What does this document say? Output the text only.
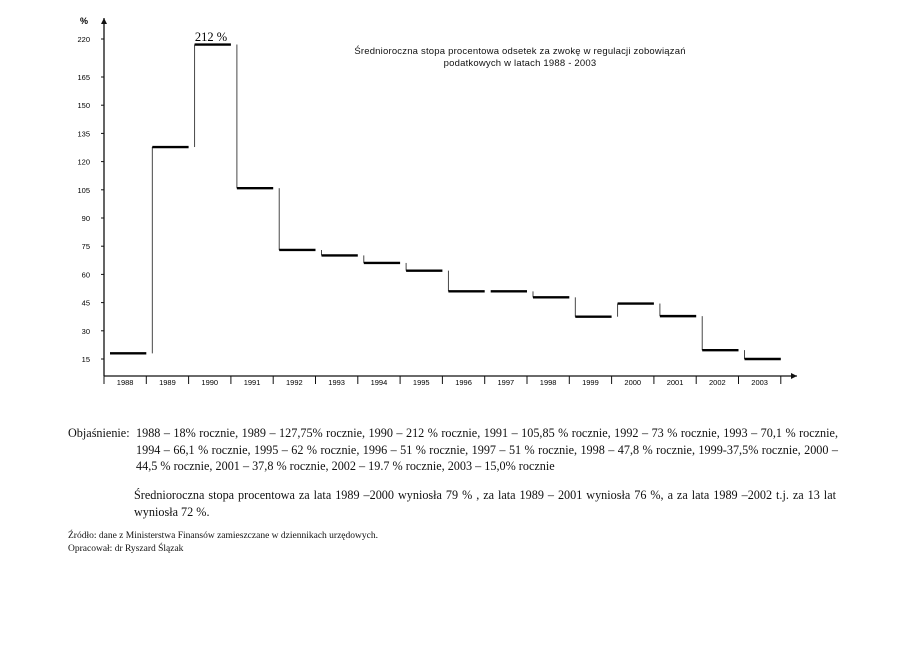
220
165
150
135
120
105
90
75
60
45
30
15
1988	1989	1990	1991	1992	1993	1994	1995	1996	1997	1998	1999	2000	2001	2002	2003
%
212 %
Średnioroczna stopa procentowa odsetek za zwokę w regulacji zobowiązań
podatkowych w latach 1988 - 2003
Objaśnienie: 1988 – 18% rocznie, 1989 – 127,75% rocznie, 1990 – 212 % rocznie, 1991 – 105,85 % rocznie, 1992 – 73 % rocznie, 1993 – 70,1 % rocznie, 1994 – 66,1 % rocznie, 1995 – 62 % rocznie, 1996 – 51 % rocznie, 1997 – 51 % rocznie, 1998 – 47,8 % rocznie, 1999-37,5% rocznie, 2000 – 44,5 % rocznie, 2001 – 37,8 % rocznie, 2002 – 19.7 % rocznie, 2003 – 15,0% rocznie
Średnioroczna stopa procentowa za lata 1989 –2000 wyniosła 79 % , za lata 1989 – 2001 wyniosła 76 %, a za lata 1989 –2002 t.j. za 13 lat wyniosła 72 %.
Źródło: dane z Ministerstwa Finansów zamieszczane w dziennikach urzędowych.
Opracował: dr Ryszard Ślązak
